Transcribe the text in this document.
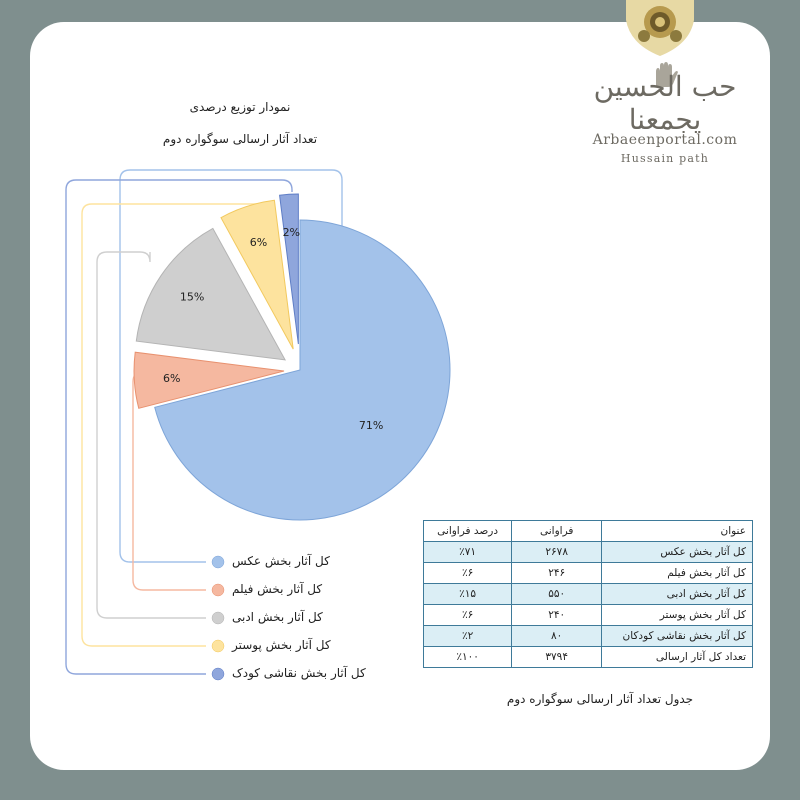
حب الحسین یجمعنا
Arbaeenportal.com
Hussain path
نمودار توزیع درصدی
تعداد آثار ارسالی سوگواره دوم
71%
6%
15%
6%
2%
کل آثار بخش عکس
کل آثار بخش فیلم
کل آثار بخش ادبی
کل آثار بخش پوستر
کل آثار بخش نقاشی کودک
عنوان	فراوانی	درصد فراوانی
کل آثار بخش عکس	۲۶۷۸	٪۷۱
کل آثار بخش فیلم	۲۴۶	٪۶
کل آثار بخش ادبی	۵۵۰	٪۱۵
کل آثار بخش پوستر	۲۴۰	٪۶
کل آثار بخش نقاشی کودکان	۸۰	٪۲
تعداد کل آثار ارسالی	۳۷۹۴	٪۱۰۰
جدول تعداد آثار ارسالی سوگواره دوم
